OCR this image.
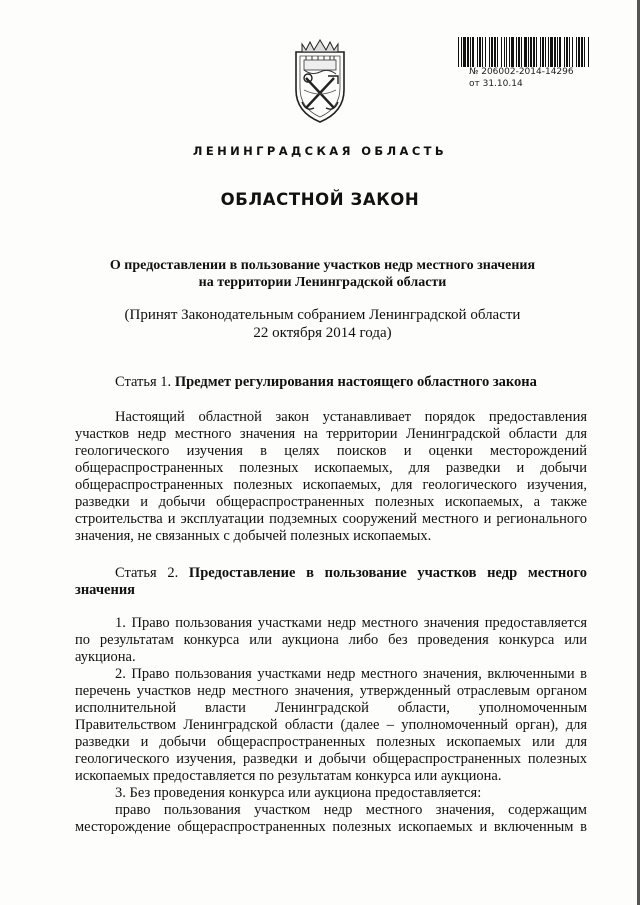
№ 206002-2014-14296
от 31.10.14
ЛЕНИНГРАДСКАЯ ОБЛАСТЬ
ОБЛАСТНОЙ ЗАКОН
О предоставлении в пользование участков недр местного значения
на территории Ленинградской области
(Принят Законодательным собранием Ленинградской области
22 октября 2014 года)
Статья 1. Предмет регулирования настоящего областного закона
Настоящий областной закон устанавливает порядок предоставления
участков недр местного значения на территории Ленинградской области для
геологического изучения в целях поисков и оценки месторождений
общераспространенных полезных ископаемых, для разведки и добычи
общераспространенных полезных ископаемых, для геологического изучения,
разведки и добычи общераспространенных полезных ископаемых, а также
строительства и эксплуатации подземных сооружений местного и регионального
значения, не связанных с добычей полезных ископаемых.
Статья 2. Предоставление в пользование участков недр местного
значения
1. Право пользования участками недр местного значения предоставляется
по результатам конкурса или аукциона либо без проведения конкурса или
аукциона.
2. Право пользования участками недр местного значения, включенными в
перечень участков недр местного значения, утвержденный отраслевым органом
исполнительной власти Ленинградской области, уполномоченным
Правительством Ленинградской области (далее – уполномоченный орган), для
разведки и добычи общераспространенных полезных ископаемых или для
геологического изучения, разведки и добычи общераспространенных полезных
ископаемых предоставляется по результатам конкурса или аукциона.
3. Без проведения конкурса или аукциона предоставляется:
право пользования участком недр местного значения, содержащим
месторождение общераспространенных полезных ископаемых и включенным в
